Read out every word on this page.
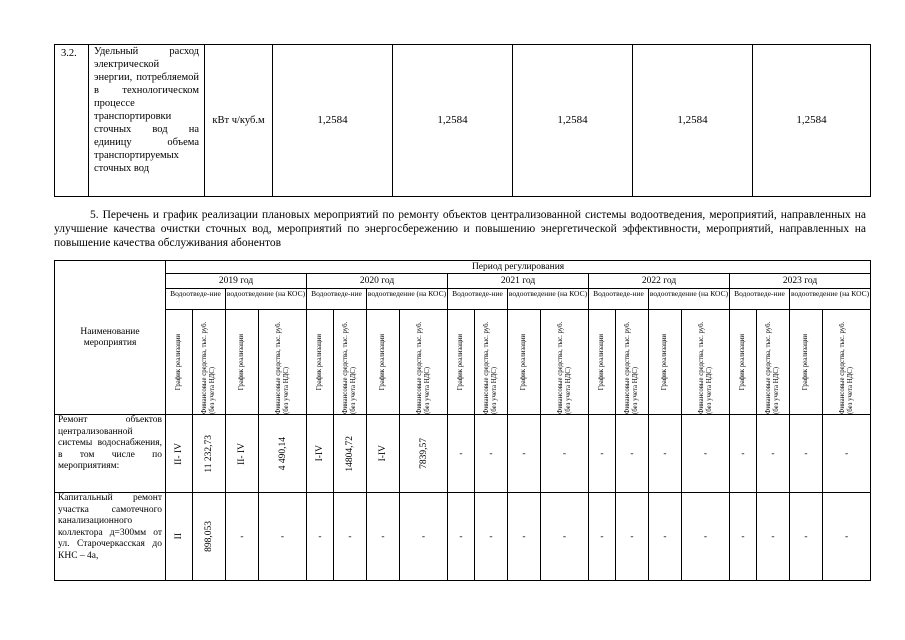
3.2.	Удельный расход электрической энергии, потребляемой в технологическом процессе транспортировки сточных вод на единицу объема транспортируемых сточных вод	кВт ч/куб.м	1,2584	1,2584	1,2584	1,2584	1,2584

5. Перечень и график реализации плановых мероприятий по ремонту объектов централизованной системы водоотведения, мероприятий, направленных на улучшение качества очистки сточных вод, мероприятий по энергосбережению и повышению энергетической эффективности, мероприятий, направленных на повышение качества обслуживания абонентов

Наименование мероприятия	Период регулирования																			
	2019 год				2020 год				2021 год				2022 год				2023 год			
	Водоотведе-ние		водоотведение (на КОС)		Водоотведе-ние		водоотведение (на КОС)		Водоотведе-ние		водоотведение (на КОС)		Водоотведе-ние		водоотведение (на КОС)		Водоотведе-ние		водоотведение (на КОС)	

	График реализации	Финансовые средства, тыс. руб. (без учета НДС)	График реализации	Финансовые средства, тыс. руб. (без учета НДС)	График реализации	Финансовые средства, тыс. руб. (без учета НДС)	График реализации	Финансовые средства, тыс. руб. (без учета НДС)	График реализации	Финансовые средства, тыс. руб. (без учета НДС)	График реализации	Финансовые средства, тыс. руб. (без учета НДС)	График реализации	Финансовые средства, тыс. руб. (без учета НДС)	График реализации	Финансовые средства, тыс. руб. (без учета НДС)	График реализации	Финансовые средства, тыс. руб. (без учета НДС)	График реализации	Финансовые средства, тыс. руб. (без учета НДС)

Ремонт объектов централизованной системы водоснабжения, в том числе по мероприятиям:	II- IV	11 232,73	II- IV	4 490,14	I-IV	14804,72	I-IV	7839,57	-	-	-	-	-	-	-	-	-	-	-	-

Капитальный ремонт участка самотечного канализационного коллектора д=300мм от ул. Старочеркасская до КНС – 4а,	II	898,053	-	-	-	-	-	-	-	-	-	-	-	-	-	-	-	-	-	-
